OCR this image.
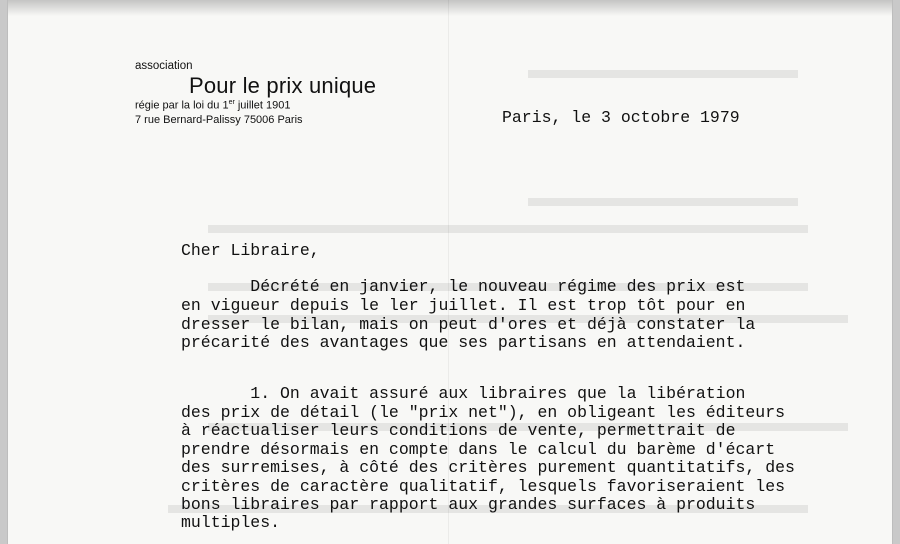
association
Pour le prix unique
régie par la loi du 1er juillet 1901
7 rue Bernard-Palissy 75006 Paris	Paris, le 3 octobre 1979
Cher Libraire,
Décrété en janvier, le nouveau régime des prix est
en vigueur depuis le ler juillet. Il est trop tôt pour en
dresser le bilan, mais on peut d'ores et déjà constater la
précarité des avantages que ses partisans en attendaient.
1. On avait assuré aux libraires que la libération
des prix de détail (le "prix net"), en obligeant les éditeurs
à réactualiser leurs conditions de vente, permettrait de
prendre désormais en compte dans le calcul du barème d'écart
des surremises, à côté des critères purement quantitatifs, des
critères de caractère qualitatif, lesquels favoriseraient les
bons libraires par rapport aux grandes surfaces à produits
multiples.
